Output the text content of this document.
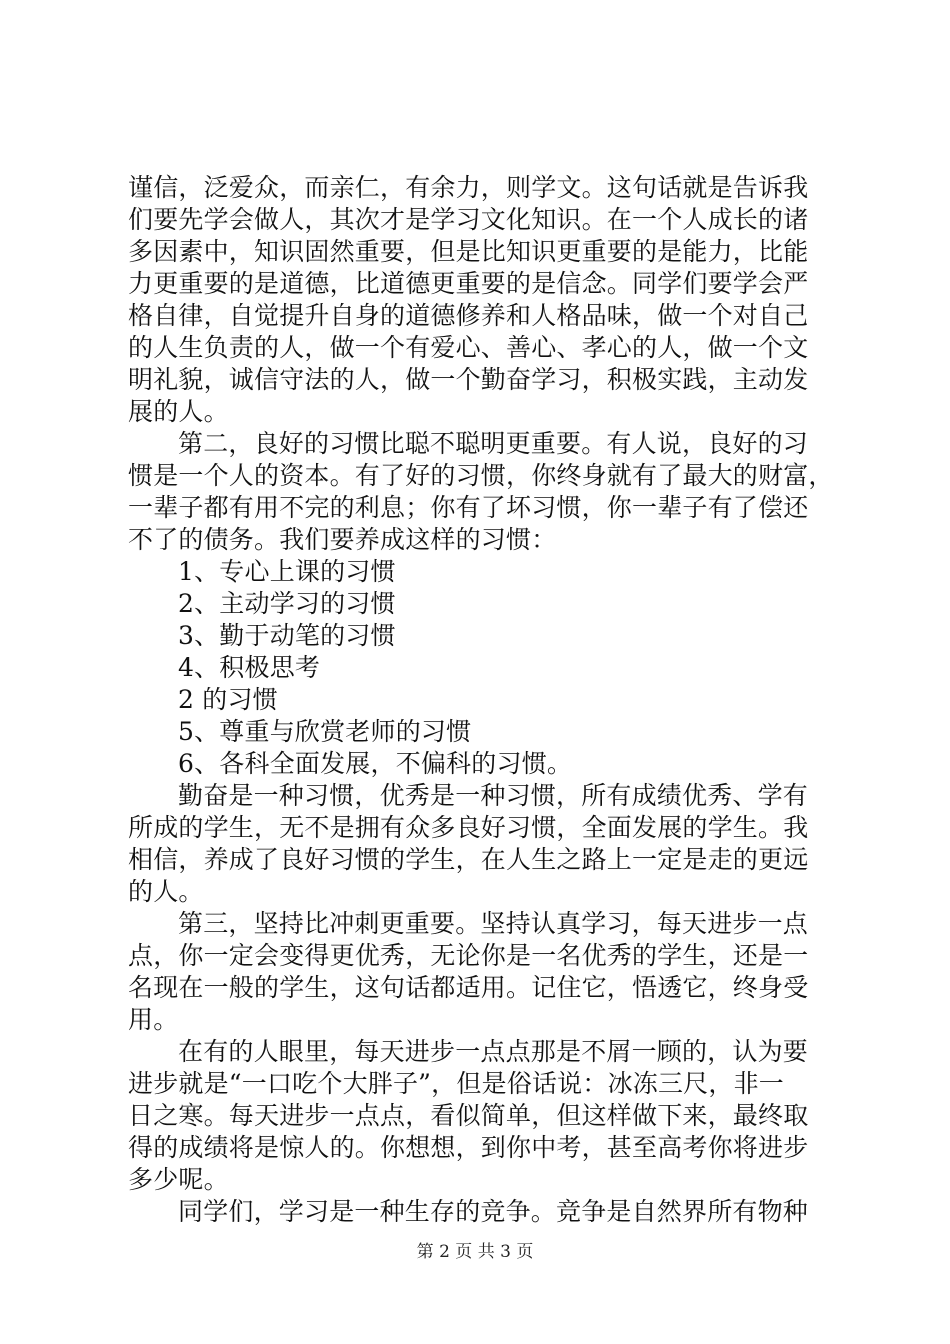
谨信，泛爱众，而亲仁，有余力，则学文。这句话就是告诉我
们要先学会做人，其次才是学习文化知识。在一个人成长的诸
多因素中，知识固然重要，但是比知识更重要的是能力，比能
力更重要的是道德，比道德更重要的是信念。同学们要学会严
格自律，自觉提升自身的道德修养和人格品味，做一个对自己
的人生负责的人，做一个有爱心、善心、孝心的人，做一个文
明礼貌，诚信守法的人，做一个勤奋学习，积极实践，主动发
展的人。
第二，良好的习惯比聪不聪明更重要。有人说，良好的习
惯是一个人的资本。有了好的习惯，你终身就有了最大的财富，
一辈子都有用不完的利息；你有了坏习惯，你一辈子有了偿还
不了的债务。我们要养成这样的习惯：
1、专心上课的习惯
2、主动学习的习惯
3、勤于动笔的习惯
4、积极思考
2 的习惯
5、尊重与欣赏老师的习惯
6、各科全面发展，不偏科的习惯。
勤奋是一种习惯，优秀是一种习惯，所有成绩优秀、学有
所成的学生，无不是拥有众多良好习惯，全面发展的学生。我
相信，养成了良好习惯的学生，在人生之路上一定是走的更远
的人。
第三，坚持比冲刺更重要。坚持认真学习，每天进步一点
点，你一定会变得更优秀，无论你是一名优秀的学生，还是一
名现在一般的学生，这句话都适用。记住它，悟透它，终身受
用。
在有的人眼里，每天进步一点点那是不屑一顾的，认为要
进步就是“一口吃个大胖子”，但是俗话说：冰冻三尺，非一
日之寒。每天进步一点点，看似简单，但这样做下来，最终取
得的成绩将是惊人的。你想想，到你中考，甚至高考你将进步
多少呢。
同学们，学习是一种生存的竞争。竞争是自然界所有物种
第 2 页 共 3 页
